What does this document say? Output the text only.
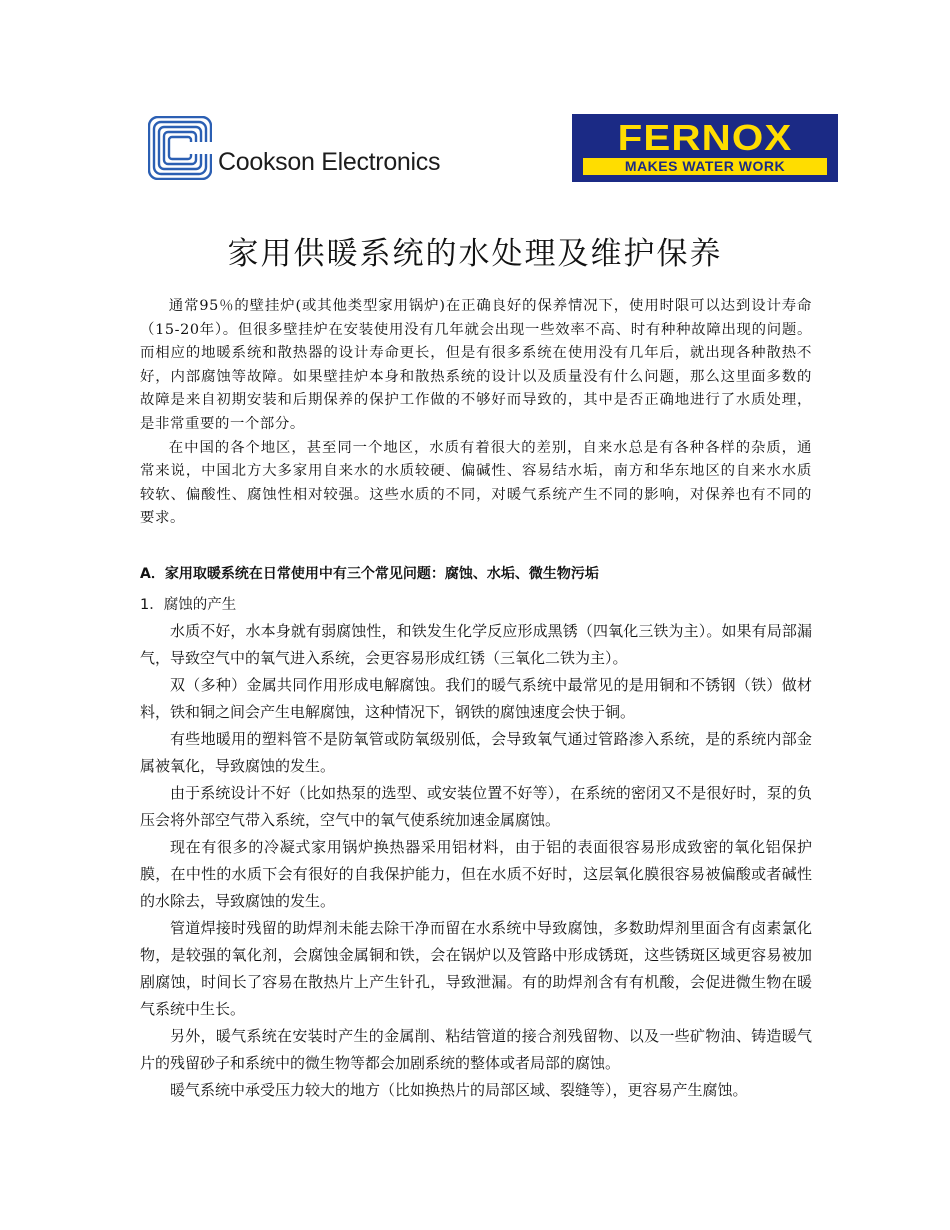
Cookson Electronics
FERNOX
MAKES WATER WORK
家用供暖系统的水处理及维护保养

通常95％的壁挂炉(或其他类型家用锅炉)在正确良好的保养情况下，使用时限可以达到设计寿命（15-20年）。但很多壁挂炉在安装使用没有几年就会出现一些效率不高、时有种种故障出现的问题。而相应的地暖系统和散热器的设计寿命更长，但是有很多系统在使用没有几年后，就出现各种散热不好，内部腐蚀等故障。如果壁挂炉本身和散热系统的设计以及质量没有什么问题，那么这里面多数的故障是来自初期安装和后期保养的保护工作做的不够好而导致的，其中是否正确地进行了水质处理，是非常重要的一个部分。

在中国的各个地区，甚至同一个地区，水质有着很大的差别，自来水总是有各种各样的杂质，通常来说，中国北方大多家用自来水的水质较硬、偏碱性、容易结水垢，南方和华东地区的自来水水质较软、偏酸性、腐蚀性相对较强。这些水质的不同，对暖气系统产生不同的影响，对保养也有不同的要求。

A．家用取暖系统在日常使用中有三个常见问题：腐蚀、水垢、微生物污垢
1．腐蚀的产生

水质不好，水本身就有弱腐蚀性，和铁发生化学反应形成黑锈（四氧化三铁为主）。如果有局部漏气，导致空气中的氧气进入系统，会更容易形成红锈（三氧化二铁为主）。

双（多种）金属共同作用形成电解腐蚀。我们的暖气系统中最常见的是用铜和不锈钢（铁）做材料，铁和铜之间会产生电解腐蚀，这种情况下，钢铁的腐蚀速度会快于铜。

有些地暖用的塑料管不是防氧管或防氧级别低，会导致氧气通过管路渗入系统，是的系统内部金属被氧化，导致腐蚀的发生。

由于系统设计不好（比如热泵的选型、或安装位置不好等），在系统的密闭又不是很好时，泵的负压会将外部空气带入系统，空气中的氧气使系统加速金属腐蚀。

现在有很多的冷凝式家用锅炉换热器采用铝材料，由于铝的表面很容易形成致密的氧化铝保护膜，在中性的水质下会有很好的自我保护能力，但在水质不好时，这层氧化膜很容易被偏酸或者碱性的水除去，导致腐蚀的发生。

管道焊接时残留的助焊剂未能去除干净而留在水系统中导致腐蚀，多数助焊剂里面含有卤素氯化物，是较强的氧化剂，会腐蚀金属铜和铁，会在锅炉以及管路中形成锈斑，这些锈斑区域更容易被加剧腐蚀，时间长了容易在散热片上产生针孔，导致泄漏。有的助焊剂含有有机酸，会促进微生物在暖气系统中生长。

另外，暖气系统在安装时产生的金属削、粘结管道的接合剂残留物、以及一些矿物油、铸造暖气片的残留砂子和系统中的微生物等都会加剧系统的整体或者局部的腐蚀。

暖气系统中承受压力较大的地方（比如换热片的局部区域、裂缝等），更容易产生腐蚀。
